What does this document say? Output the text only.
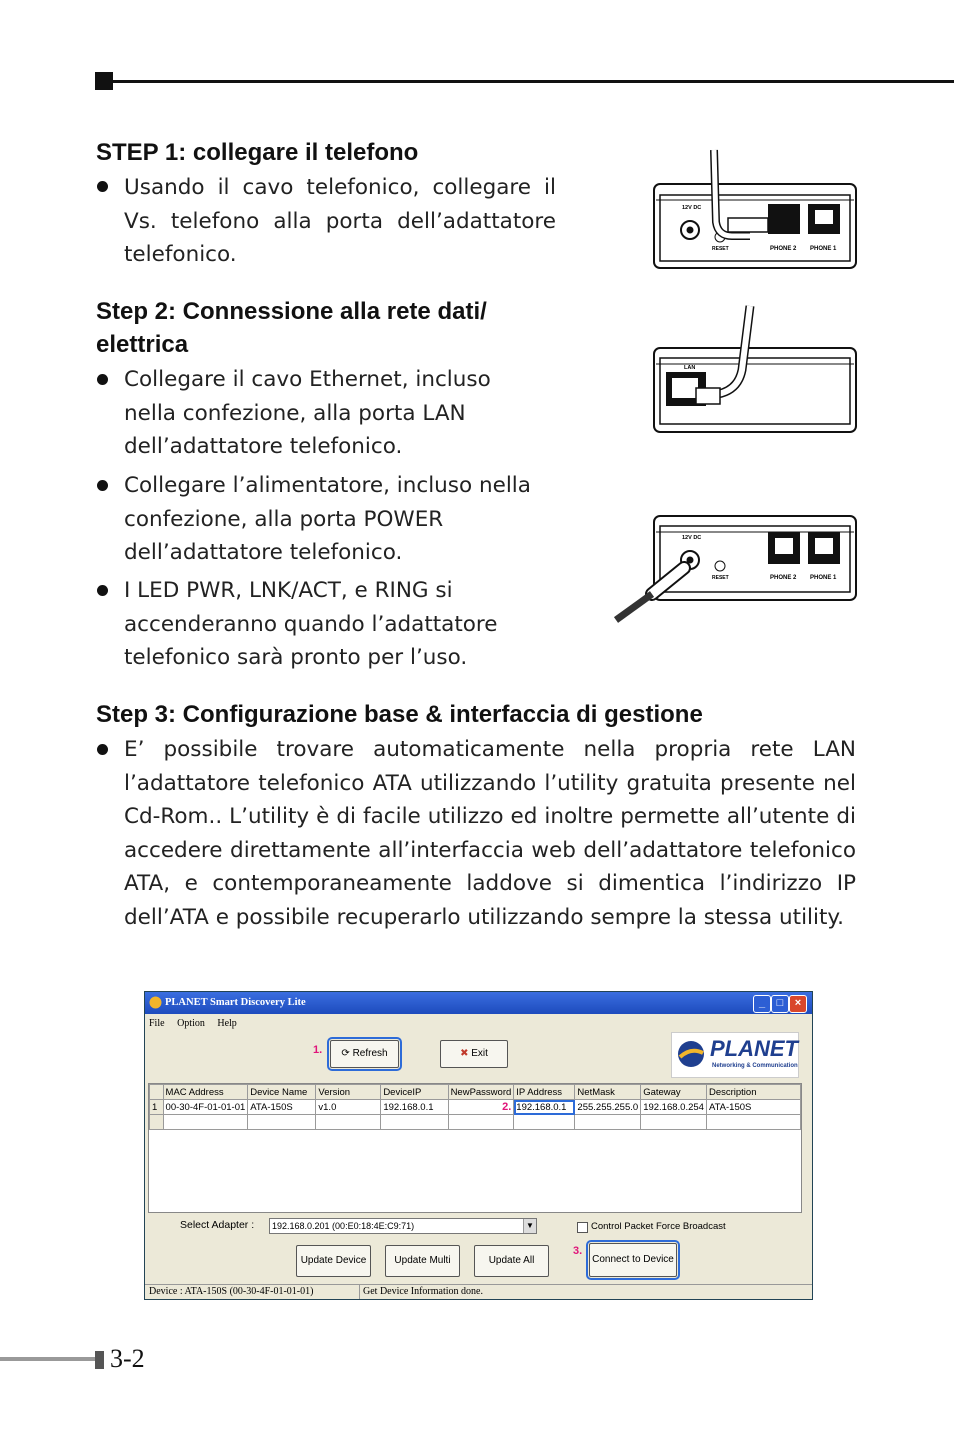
STEP 1: collegare il telefono

Usando il cavo telefonico, collegare il Vs. telefono alla porta dell’adattatore telefonico.

12V DC
RESET	PHONE 2 PHONE 1
Step 2: Connessione alla rete dati/
elettrica

Collegare il cavo Ethernet, incluso nella confezione, alla porta LAN dell’adattatore telefonico.

Collegare l’alimentatore, incluso nella confezione, alla porta POWER dell’adattatore telefonico.

I LED PWR, LNK/ACT, e RING si accenderanno quando l’adattatore telefonico sarà pronto per l’uso.

LAN
12V DC
RESET	PHONE 2 PHONE 1
Step 3: Configurazione base & interfaccia di gestione

E’ possibile trovare automaticamente nella propria rete LAN l’adattatore telefonico ATA utilizzando l’utility gratuita presente nel Cd-Rom.. L’utility è di facile utilizzo ed inoltre permette all’utente di accedere direttamente all’interfaccia web dell’adattatore telefonico ATA, e contemporaneamente laddove si dimentica l’indirizzo IP dell’ATA e possibile recuperarlo utilizzando sempre la stessa utility.

PLANET Smart Discovery Lite	_	□	×
File Option Help
1.	⟳ Refresh	✖ Exit	PLANET
Networking & Communication
	MAC Address	Device Name	Version	DeviceIP	NewPassword	IP Address	NetMask	Gateway	Description
1	00-30-4F-01-01-01	ATA-150S	v1.0	192.168.0.1	2.	192.168.0.1	255.255.255.0	192.168.0.254	ATA-150S

Select Adapter :	192.168.0.201 (00:E0:18:4E:C9:71)	▼	Control Packet Force Broadcast
Update Device	Update Multi	Update All
3.
Connect to Device
Device : ATA-150S (00-30-4F-01-01-01)	Get Device Information done.
3-2
